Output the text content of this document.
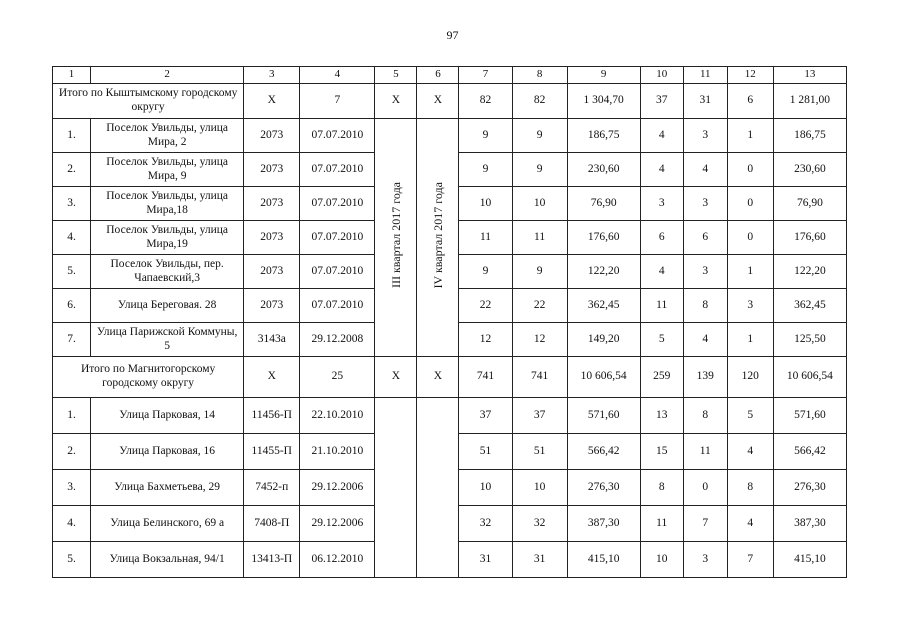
97
1	2	3	4	5	6	7	8	9	10	11	12	13
Итого по Кыштымскому городскому округу		X	7	X	X	82	82	1 304,70	37	31	6	1 281,00
1.	Поселок Увильды, улица Мира, 2	2073	07.07.2010	III квартал 2017 года	IV квартал 2017 года	9	9	186,75	4	3	1	186,75
2.	Поселок Увильды, улица Мира, 9	2073	07.07.2010			9	9	230,60	4	4	0	230,60
3.	Поселок Увильды, улица Мира,18	2073	07.07.2010			10	10	76,90	3	3	0	76,90
4.	Поселок Увильды, улица Мира,19	2073	07.07.2010			11	11	176,60	6	6	0	176,60
5.	Поселок Увильды, пер. Чапаевский,3	2073	07.07.2010			9	9	122,20	4	3	1	122,20
6.	Улица Береговая. 28	2073	07.07.2010			22	22	362,45	11	8	3	362,45
7.	Улица Парижской Коммуны, 5	3143а	29.12.2008			12	12	149,20	5	4	1	125,50
Итого по Магнитогорскому городскому округу		X	25	X	X	741	741	10 606,54	259	139	120	10 606,54
1.	Улица Парковая, 14	11456-П	22.10.2010			37	37	571,60	13	8	5	571,60
2.	Улица Парковая, 16	11455-П	21.10.2010			51	51	566,42	15	11	4	566,42
3.	Улица Бахметьева, 29	7452-п	29.12.2006			10	10	276,30	8	0	8	276,30
4.	Улица Белинского, 69 а	7408-П	29.12.2006			32	32	387,30	11	7	4	387,30
5.	Улица Вокзальная, 94/1	13413-П	06.12.2010			31	31	415,10	10	3	7	415,10
